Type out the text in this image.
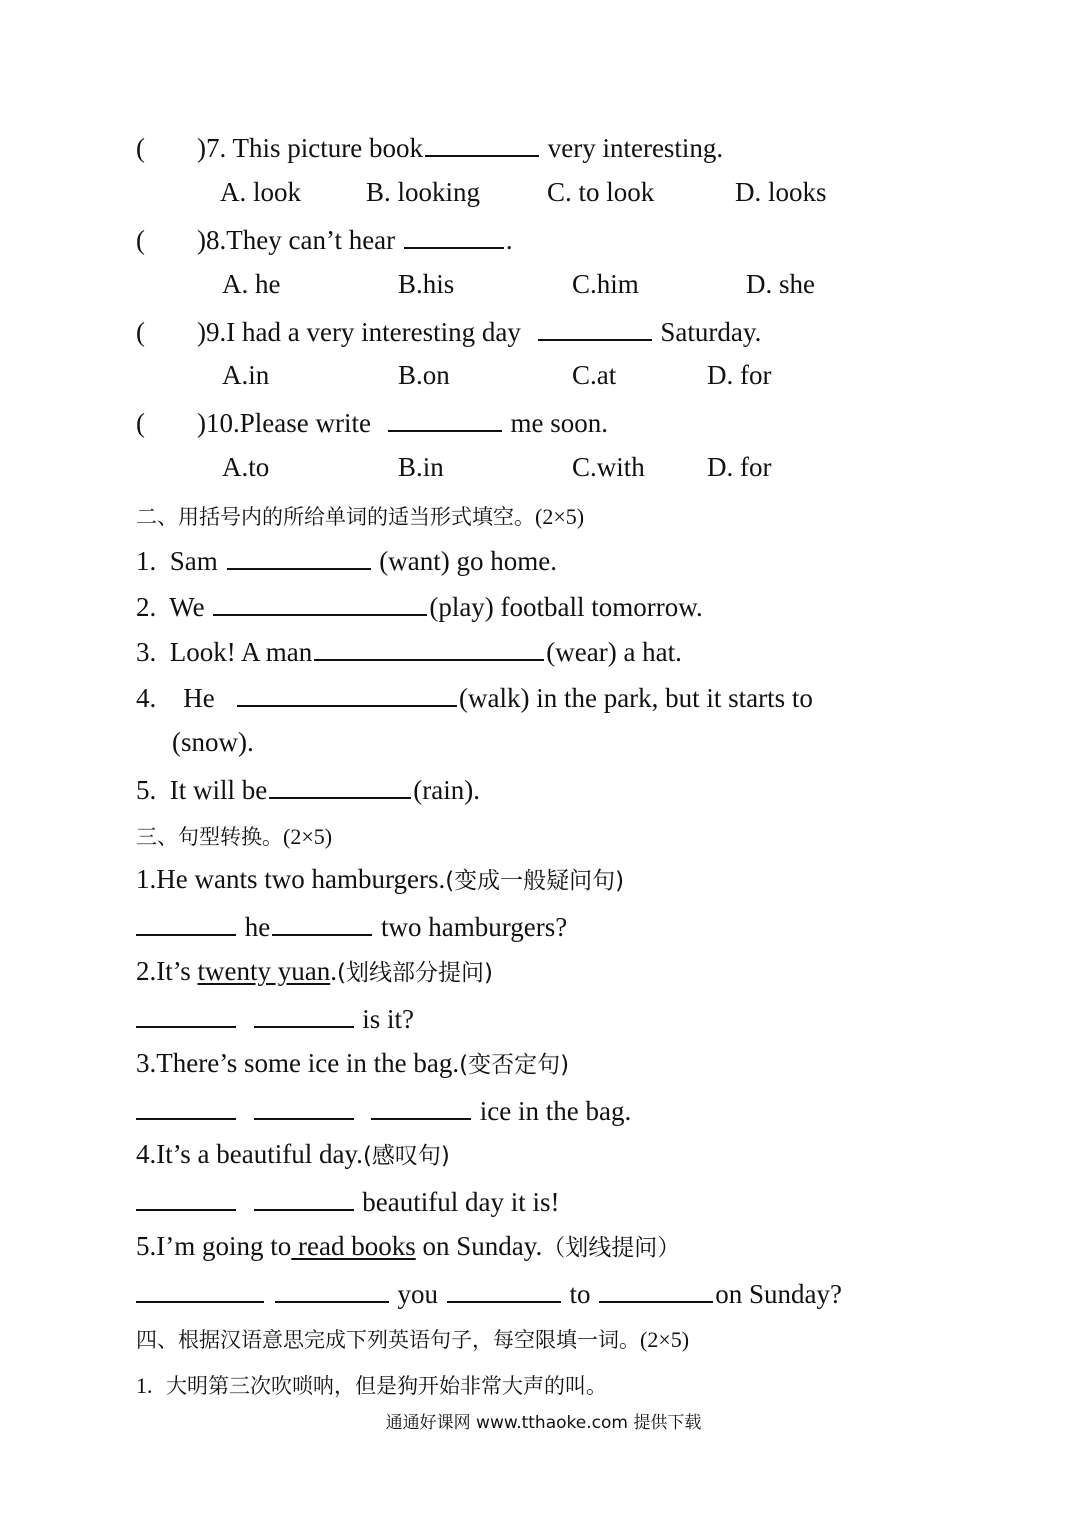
( )7. This picture book	very interesting.
A. look B. looking C. to look	D. looks
( )8.They can’t hear	.
A. he	B.his	C.him	D. she
( )9.I had a very interesting day	Saturday.
A.in	B.on	C.at	D. for
( )10.Please write	me soon.
A.to	B.in	C.with D. for
二、用括号内的所给单词的适当形式填空。(2×5)
1. Sam	(want) go home.
2. We	(play) football tomorrow.
3. Look! A man	(wear) a hat.
4. He	(walk) in the park, but it starts to
(snow).
5. It will be	(rain).
三、句型转换。(2×5)
1.He wants two hamburgers.(变成一般疑问句)
he	two hamburgers?
2.It’s twenty yuan.(划线部分提问)
is it?
3.There’s some ice in the bag.(变否定句)
ice in the bag.
4.It’s a beautiful day.(感叹句)
beautiful day it is!
5.I’m going to read books on Sunday.（划线提问）
you	to	on Sunday?
四、根据汉语意思完成下列英语句子，每空限填一词。(2×5)
1. 大明第三次吹唢呐，但是狗开始非常大声的叫。
通通好课网 www.tthaoke.com 提供下载
